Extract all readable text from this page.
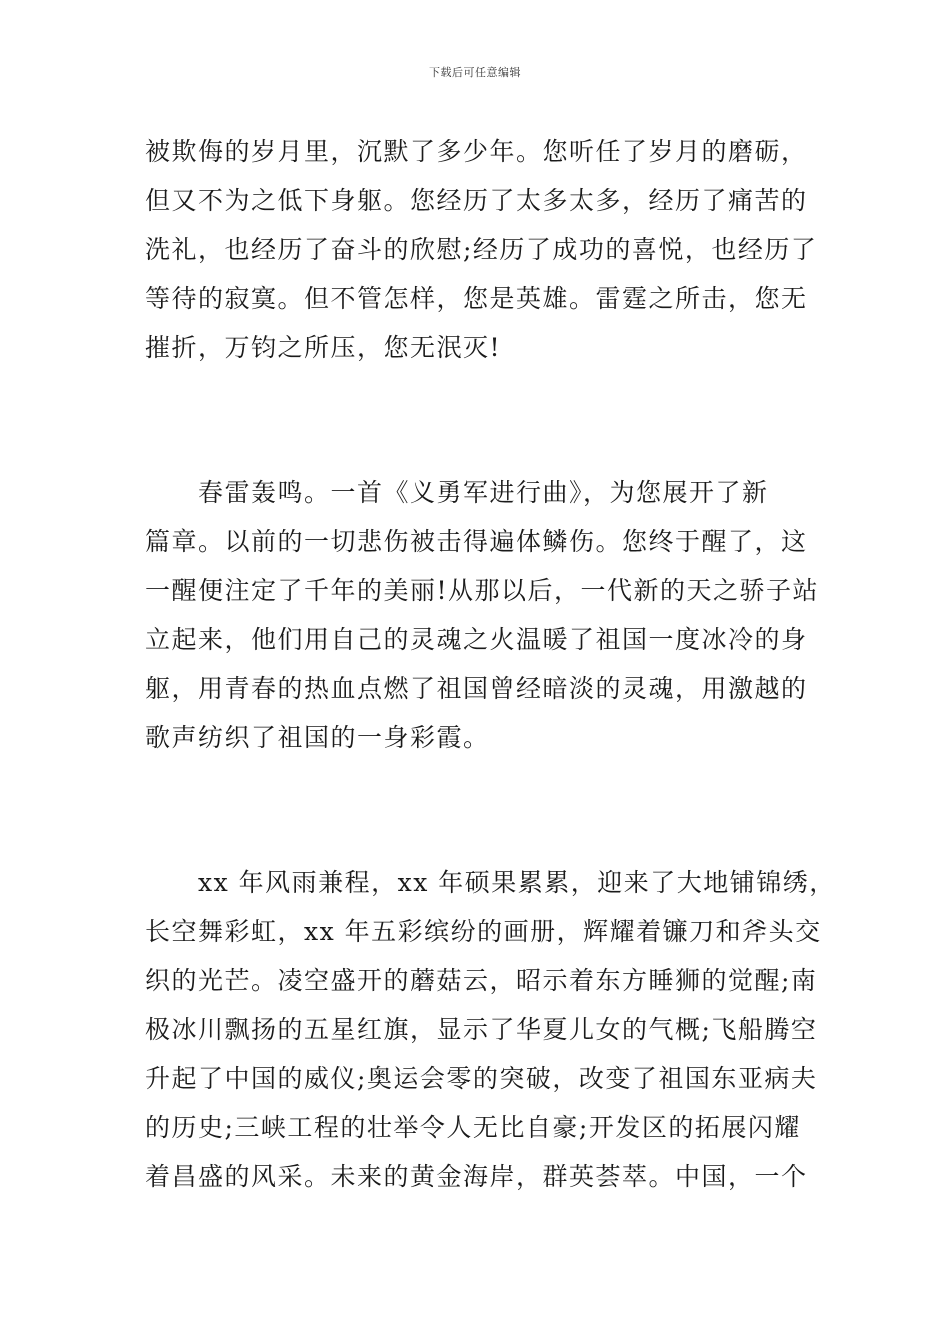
下载后可任意编辑
被欺侮的岁月里，沉默了多少年。您听任了岁月的磨砺，
但又不为之低下身躯。您经历了太多太多，经历了痛苦的
洗礼，也经历了奋斗的欣慰;经历了成功的喜悦，也经历了
等待的寂寞。但不管怎样，您是英雄。雷霆之所击，您无
摧折，万钧之所压，您无泯灭!
　　春雷轰鸣。一首《义勇军进行曲》，为您展开了新
篇章。以前的一切悲伤被击得遍体鳞伤。您终于醒了，这
一醒便注定了千年的美丽!从那以后，一代新的天之骄子站
立起来，他们用自己的灵魂之火温暖了祖国一度冰冷的身
躯，用青春的热血点燃了祖国曾经暗淡的灵魂，用激越的
歌声纺织了祖国的一身彩霞。
　　xx 年风雨兼程，xx 年硕果累累，迎来了大地铺锦绣，
长空舞彩虹，xx 年五彩缤纷的画册，辉耀着镰刀和斧头交
织的光芒。凌空盛开的蘑菇云，昭示着东方睡狮的觉醒;南
极冰川飘扬的五星红旗，显示了华夏儿女的气概;飞船腾空
升起了中国的威仪;奥运会零的突破，改变了祖国东亚病夫
的历史;三峡工程的壮举令人无比自豪;开发区的拓展闪耀
着昌盛的风采。未来的黄金海岸，群英荟萃。中国，一个
